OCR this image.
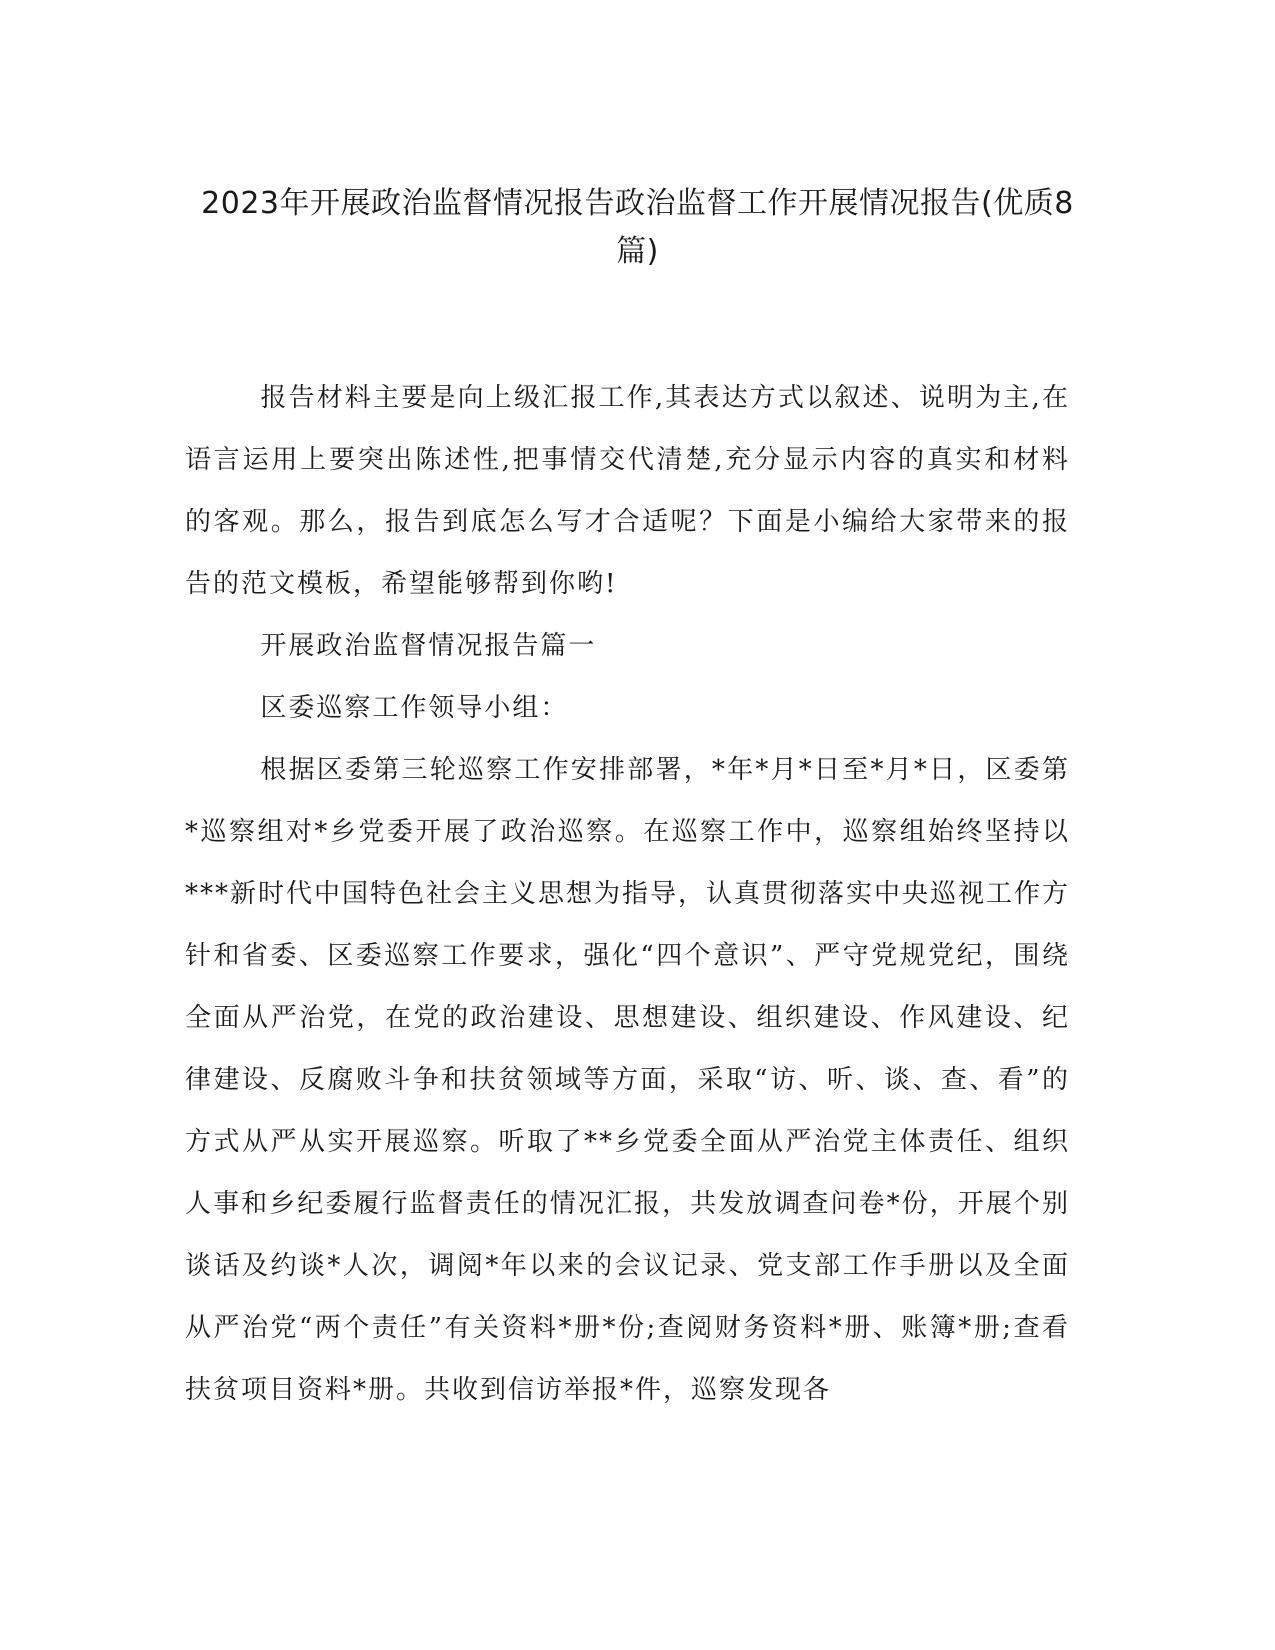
2023年开展政治监督情况报告政治监督工作开展情况报告(优质8篇)

报告材料主要是向上级汇报工作,其表达方式以叙述、说明为主,在语言运用上要突出陈述性,把事情交代清楚,充分显示内容的真实和材料的客观。那么，报告到底怎么写才合适呢？下面是小编给大家带来的报告的范文模板，希望能够帮到你哟!

开展政治监督情况报告篇一

区委巡察工作领导小组：

根据区委第三轮巡察工作安排部署，*年*月*日至*月*日，区委第*巡察组对*乡党委开展了政治巡察。在巡察工作中，巡察组始终坚持以***新时代中国特色社会主义思想为指导，认真贯彻落实中央巡视工作方针和省委、区委巡察工作要求，强化“四个意识”、严守党规党纪，围绕全面从严治党，在党的政治建设、思想建设、组织建设、作风建设、纪律建设、反腐败斗争和扶贫领域等方面，采取“访、听、谈、查、看”的方式从严从实开展巡察。听取了**乡党委全面从严治党主体责任、组织人事和乡纪委履行监督责任的情况汇报，共发放调查问卷*份，开展个别谈话及约谈*人次，调阅*年以来的会议记录、党支部工作手册以及全面从严治党“两个责任”有关资料*册*份;查阅财务资料*册、账簿*册;查看扶贫项目资料*册。共收到信访举报*件，巡察发现各
